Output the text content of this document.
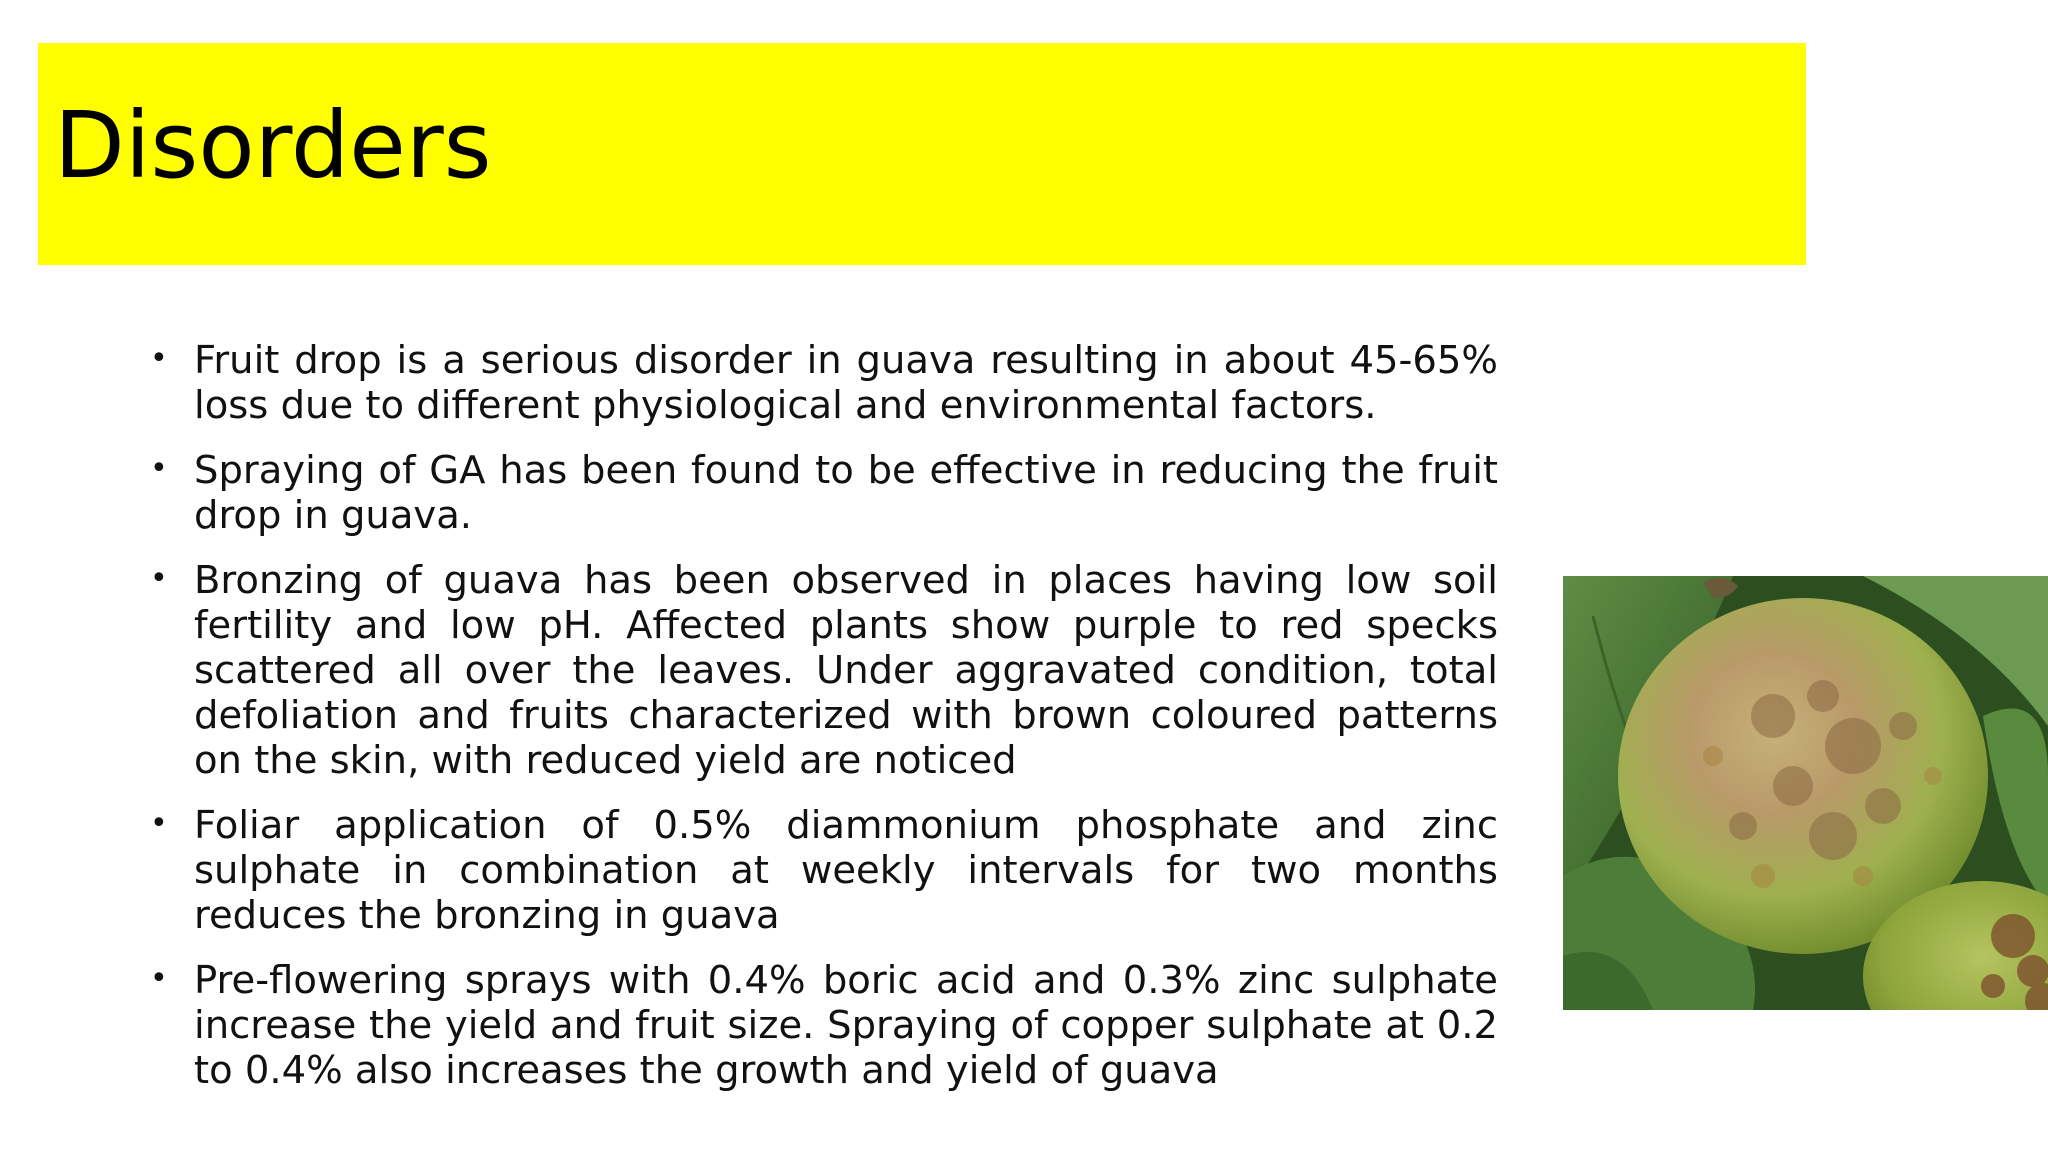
Disorders
• Fruit drop is a serious disorder in guava resulting in about 45-65% loss due to different physiological and environmental factors.
• Spraying of GA has been found to be effective in reducing the fruit drop in guava.
• Bronzing of guava has been observed in places having low soil fertility and low pH. Affected plants show purple to red specks scattered all over the leaves. Under aggravated condition, total defoliation and fruits characterized with brown coloured patterns on the skin, with reduced yield are noticed
• Foliar application of 0.5% diammonium phosphate and zinc sulphate in combination at weekly intervals for two months reduces the bronzing in guava
• Pre-flowering sprays with 0.4% boric acid and 0.3% zinc sulphate increase the yield and fruit size. Spraying of copper sulphate at 0.2 to 0.4% also increases the growth and yield of guava
